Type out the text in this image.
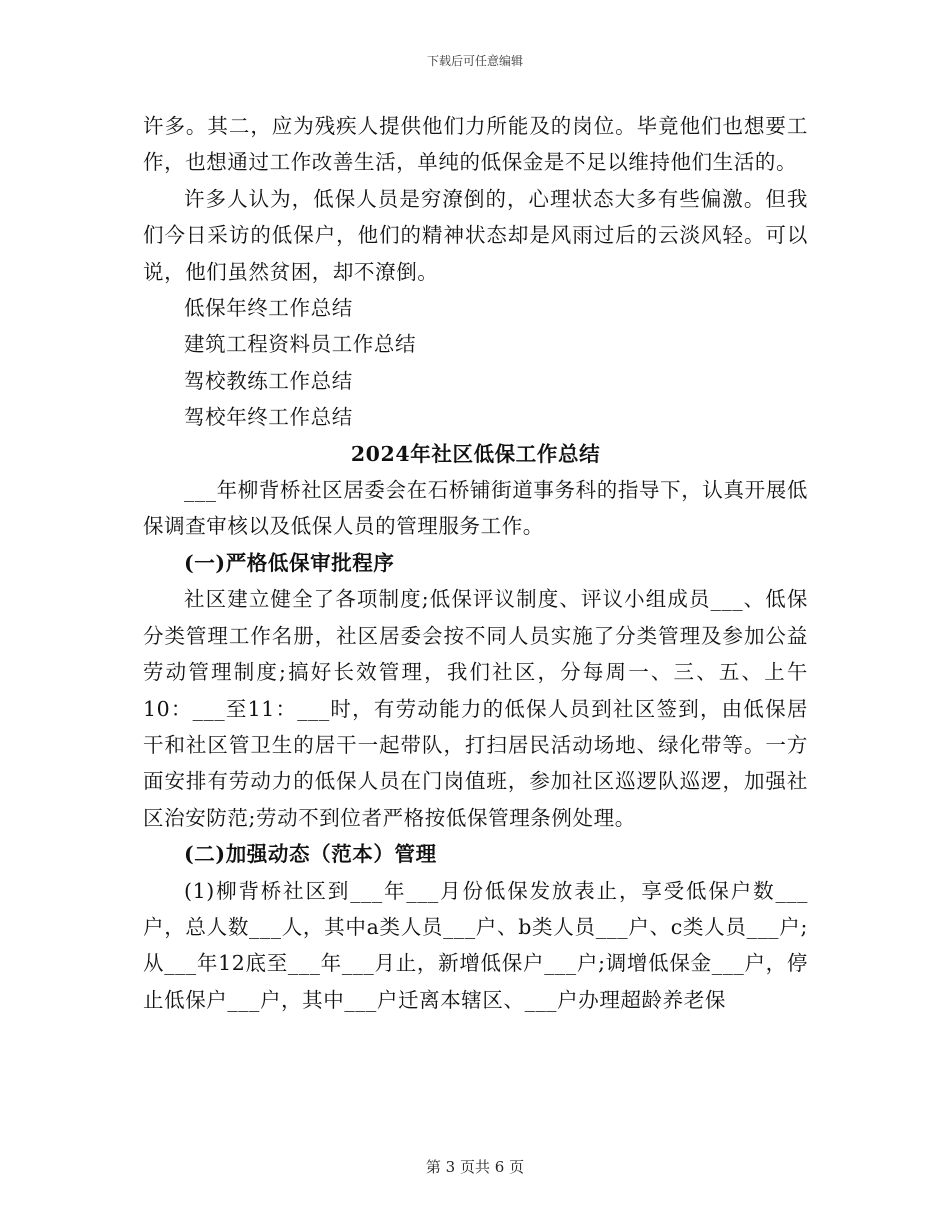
下载后可任意编辑

许多。其二，应为残疾人提供他们力所能及的岗位。毕竟他们也想要工作，也想通过工作改善生活，单纯的低保金是不足以维持他们生活的。

许多人认为，低保人员是穷潦倒的，心理状态大多有些偏激。但我们今日采访的低保户，他们的精神状态却是风雨过后的云淡风轻。可以说，他们虽然贫困，却不潦倒。

低保年终工作总结

建筑工程资料员工作总结

驾校教练工作总结

驾校年终工作总结

2024年社区低保工作总结

___年柳背桥社区居委会在石桥铺街道事务科的指导下，认真开展低保调查审核以及低保人员的管理服务工作。

(一)严格低保审批程序

社区建立健全了各项制度;低保评议制度、评议小组成员___、低保分类管理工作名册，社区居委会按不同人员实施了分类管理及参加公益劳动管理制度;搞好长效管理，我们社区，分每周一、三、五、上午10：___至11：___时，有劳动能力的低保人员到社区签到，由低保居干和社区管卫生的居干一起带队，打扫居民活动场地、绿化带等。一方面安排有劳动力的低保人员在门岗值班，参加社区巡逻队巡逻，加强社区治安防范;劳动不到位者严格按低保管理条例处理。

(二)加强动态（范本）管理

(1)柳背桥社区到___年___月份低保发放表止，享受低保户数___户，总人数___人，其中a类人员___户、b类人员___户、c类人员___户;从___年12底至___年___月止，新增低保户___户;调增低保金___户，停止低保户___户，其中___户迁离本辖区、___户办理超龄养老保

第 3 页共 6 页
